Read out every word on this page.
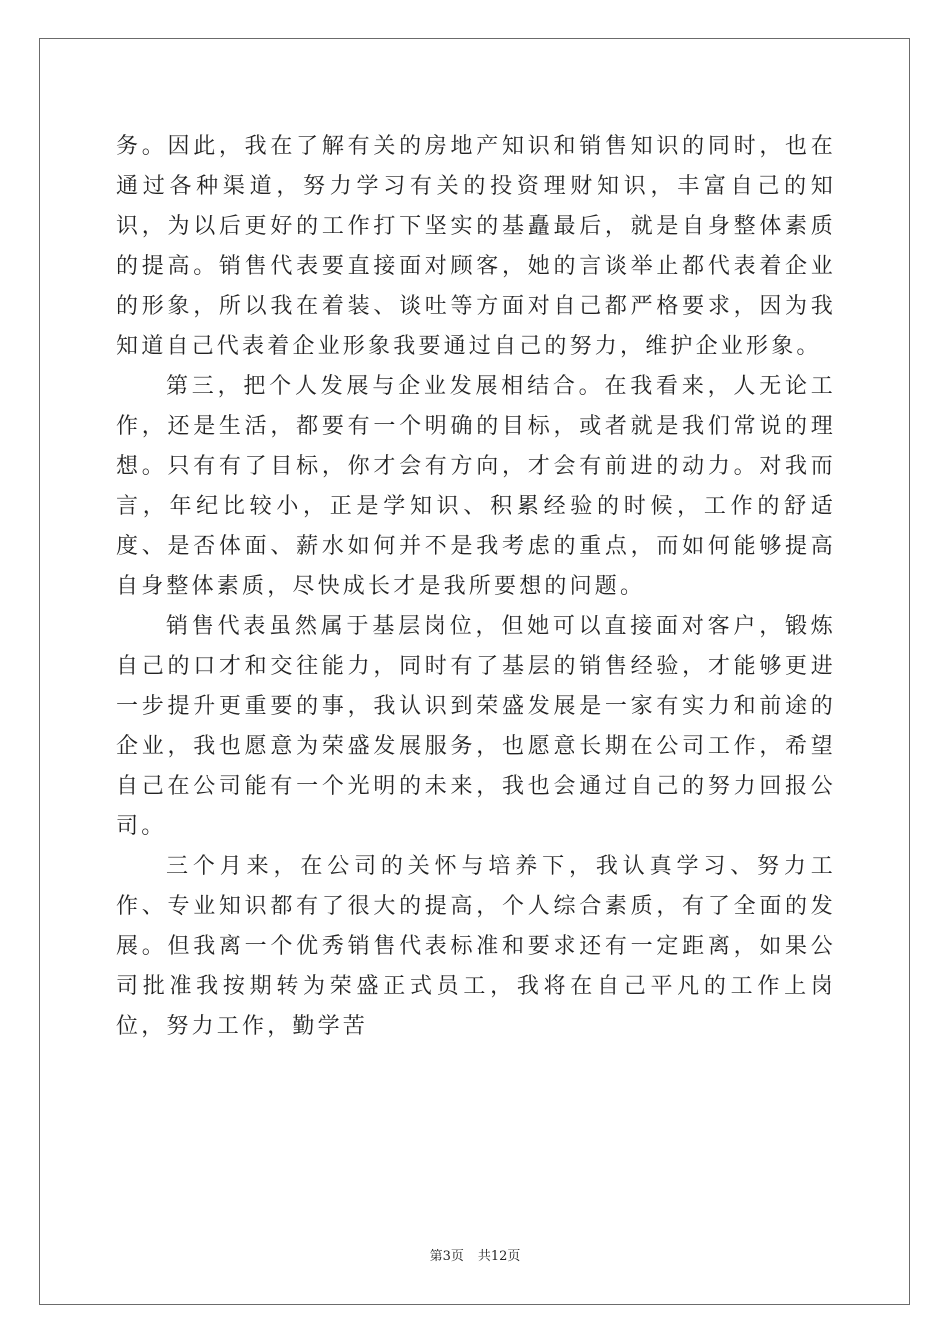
务。因此，我在了解有关的房地产知识和销售知识的同时，也在通过各种渠道，努力学习有关的投资理财知识，丰富自己的知识，为以后更好的工作打下坚实的基矗最后，就是自身整体素质的提高。销售代表要直接面对顾客，她的言谈举止都代表着企业的形象，所以我在着装、谈吐等方面对自己都严格要求，因为我知道自己代表着企业形象我要通过自己的努力，维护企业形象。

第三，把个人发展与企业发展相结合。在我看来，人无论工作，还是生活，都要有一个明确的目标，或者就是我们常说的理想。只有有了目标，你才会有方向，才会有前进的动力。对我而言，年纪比较小，正是学知识、积累经验的时候，工作的舒适度、是否体面、薪水如何并不是我考虑的重点，而如何能够提高自身整体素质，尽快成长才是我所要想的问题。

销售代表虽然属于基层岗位，但她可以直接面对客户，锻炼自己的口才和交往能力，同时有了基层的销售经验，才能够更进一步提升更重要的事，我认识到荣盛发展是一家有实力和前途的企业，我也愿意为荣盛发展服务，也愿意长期在公司工作，希望自己在公司能有一个光明的未来，我也会通过自己的努力回报公司。

三个月来，在公司的关怀与培养下，我认真学习、努力工作、专业知识都有了很大的提高，个人综合素质，有了全面的发展。但我离一个优秀销售代表标准和要求还有一定距离，如果公司批准我按期转为荣盛正式员工，我将在自己平凡的工作上岗位，努力工作，勤学苦

第3页 共12页
